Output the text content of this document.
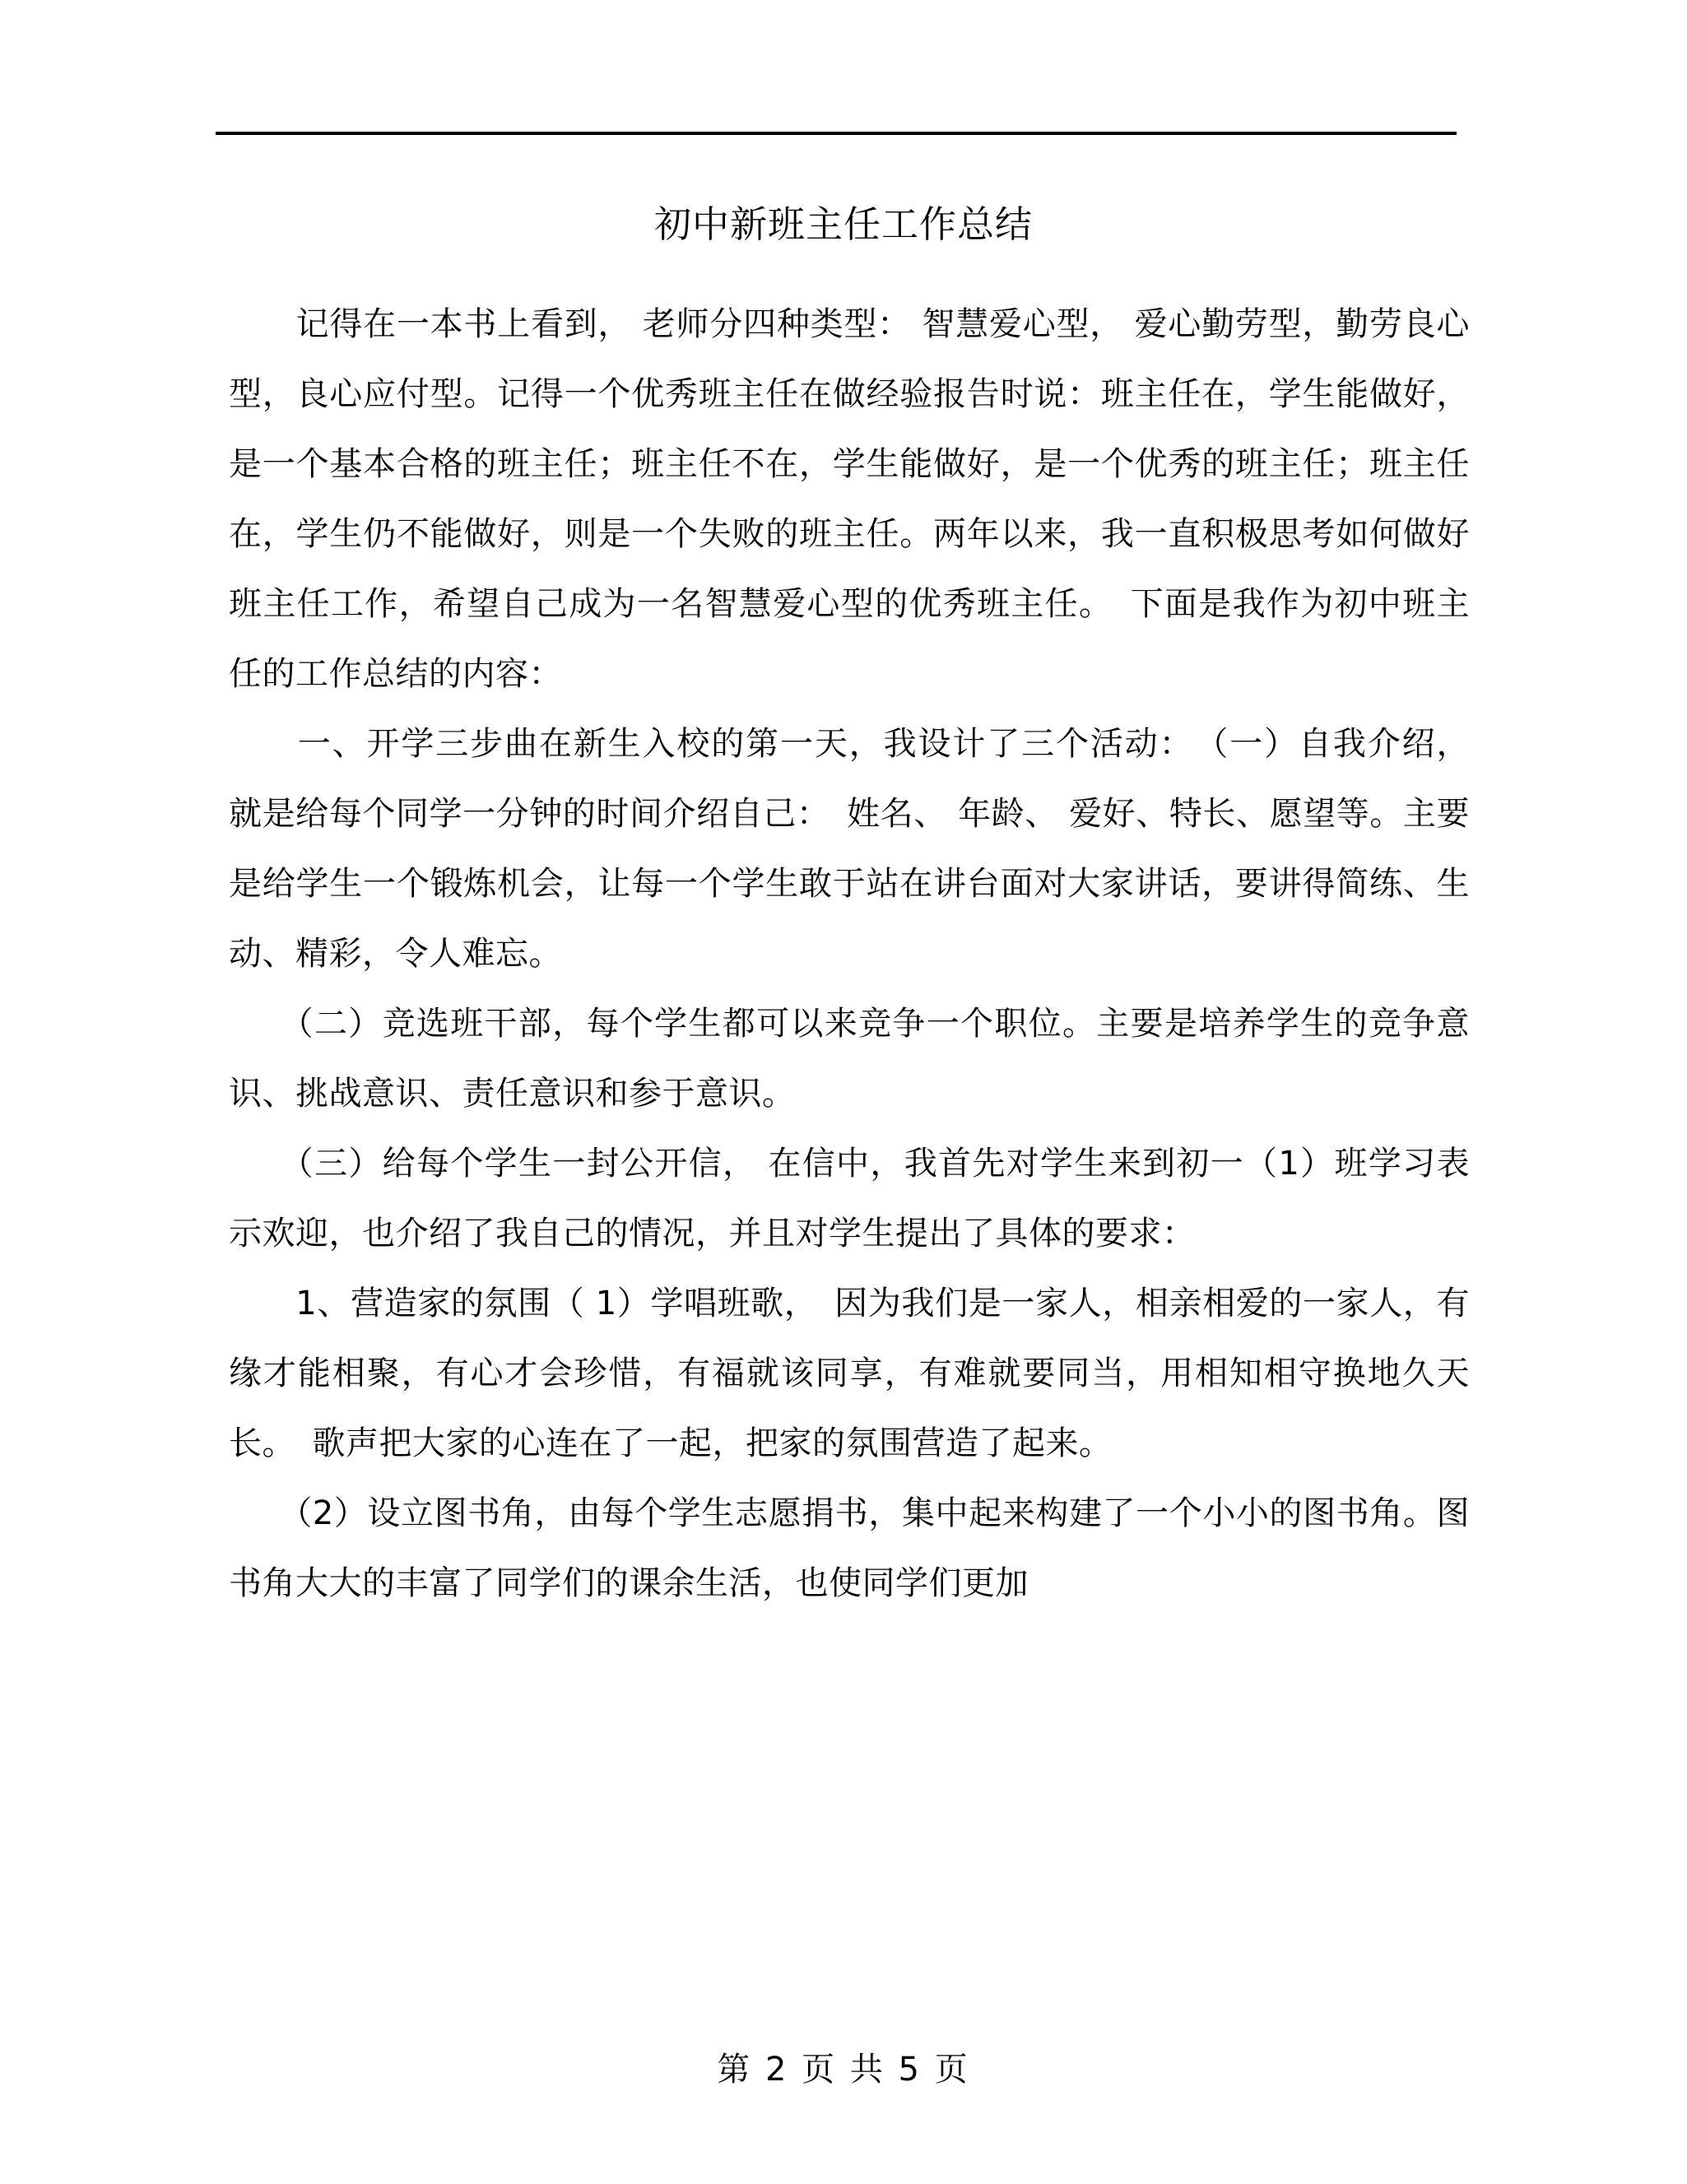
初中新班主任工作总结

　　记得在一本书上看到， 老师分四种类型： 智慧爱心型， 爱心勤劳型，勤劳良心型，良心应付型。记得一个优秀班主任在做经验报告时说：班主任在，学生能做好，是一个基本合格的班主任；班主任不在，学生能做好，是一个优秀的班主任；班主任在，学生仍不能做好，则是一个失败的班主任。两年以来，我一直积极思考如何做好班主任工作，希望自己成为一名智慧爱心型的优秀班主任。　下面是我作为初中班主任的工作总结的内容：

　　一、开学三步曲在新生入校的第一天，我设计了三个活动：　（一）自我介绍， 就是给每个同学一分钟的时间介绍自己：　姓名、 年龄、 爱好、特长、愿望等。主要是给学生一个锻炼机会，让每一个学生敢于站在讲台面对大家讲话，要讲得简练、生动、精彩，令人难忘。

　　（二）竞选班干部，每个学生都可以来竞争一个职位。主要是培养学生的竞争意识、挑战意识、责任意识和参于意识。

　　（三）给每个学生一封公开信， 在信中，我首先对学生来到初一（1）班学习表示欢迎，也介绍了我自己的情况，并且对学生提出了具体的要求：

　　1、营造家的氛围（ 1）学唱班歌，　因为我们是一家人，相亲相爱的一家人，有缘才能相聚，有心才会珍惜，有福就该同享，有难就要同当，用相知相守换地久天长。　歌声把大家的心连在了一起，把家的氛围营造了起来。

　　（2）设立图书角，由每个学生志愿捐书，集中起来构建了一个小小的图书角。图书角大大的丰富了同学们的课余生活，也使同学们更加

第 2 页 共 5 页
